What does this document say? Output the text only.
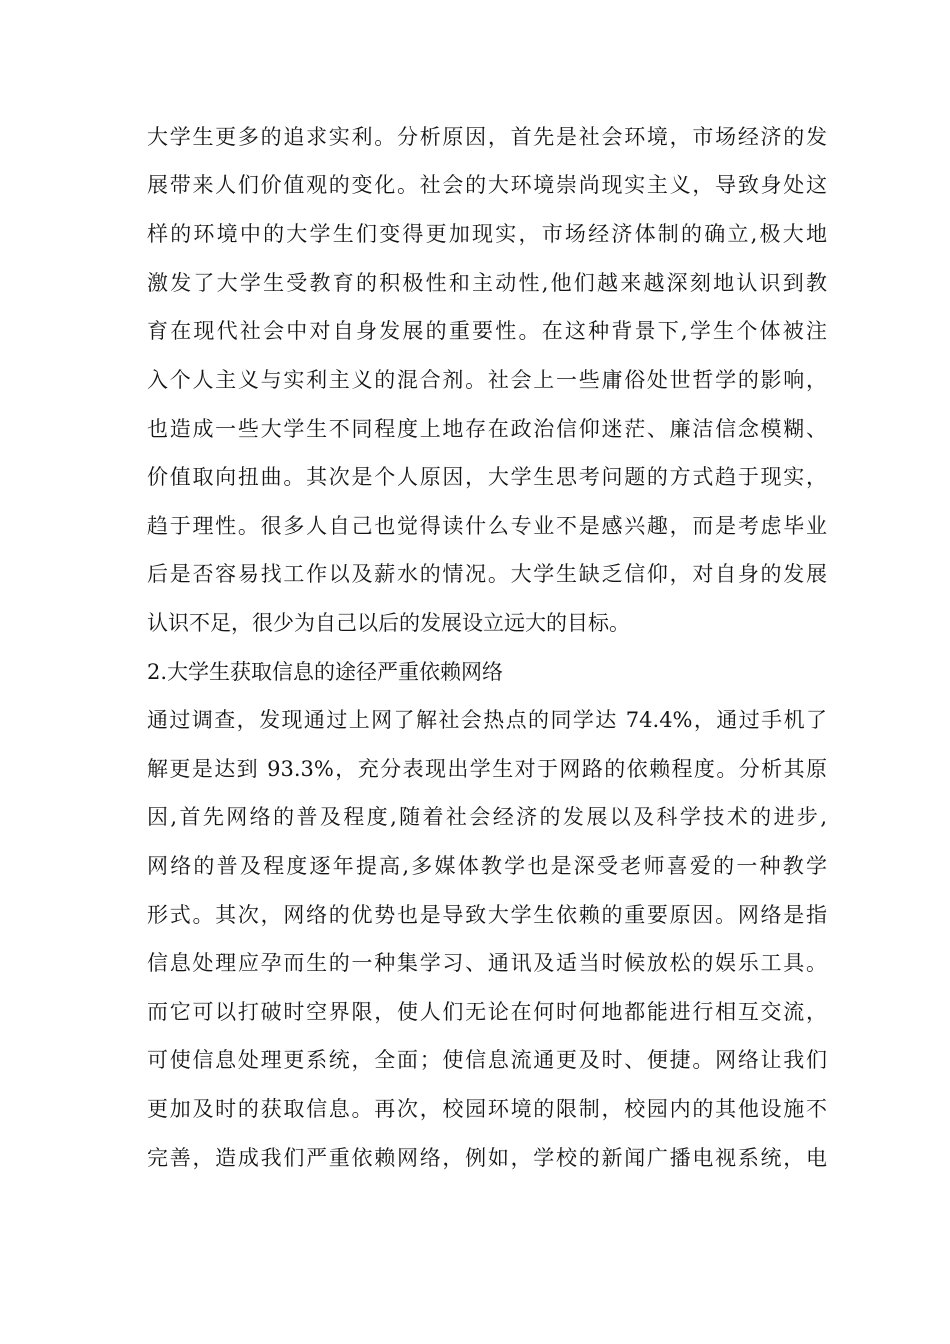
大学生更多的追求实利。分析原因，首先是社会环境，市场经济的发
展带来人们价值观的变化。社会的大环境崇尚现实主义，导致身处这
样的环境中的大学生们变得更加现实，市场经济体制的确立,极大地
激发了大学生受教育的积极性和主动性,他们越来越深刻地认识到教
育在现代社会中对自身发展的重要性。在这种背景下,学生个体被注
入个人主义与实利主义的混合剂。社会上一些庸俗处世哲学的影响，
也造成一些大学生不同程度上地存在政治信仰迷茫、廉洁信念模糊、
价值取向扭曲。其次是个人原因，大学生思考问题的方式趋于现实，
趋于理性。很多人自己也觉得读什么专业不是感兴趣，而是考虑毕业
后是否容易找工作以及薪水的情况。大学生缺乏信仰，对自身的发展
认识不足，很少为自己以后的发展设立远大的目标。
2.大学生获取信息的途径严重依赖网络
通过调查，发现通过上网了解社会热点的同学达 74.4%，通过手机了
解更是达到 93.3%，充分表现出学生对于网路的依赖程度。分析其原
因,首先网络的普及程度,随着社会经济的发展以及科学技术的进步,
网络的普及程度逐年提高,多媒体教学也是深受老师喜爱的一种教学
形式。其次，网络的优势也是导致大学生依赖的重要原因。网络是指
信息处理应孕而生的一种集学习、通讯及适当时候放松的娱乐工具。
而它可以打破时空界限，使人们无论在何时何地都能进行相互交流，
可使信息处理更系统，全面；使信息流通更及时、便捷。网络让我们
更加及时的获取信息。再次，校园环境的限制，校园内的其他设施不
完善，造成我们严重依赖网络，例如，学校的新闻广播电视系统，电
